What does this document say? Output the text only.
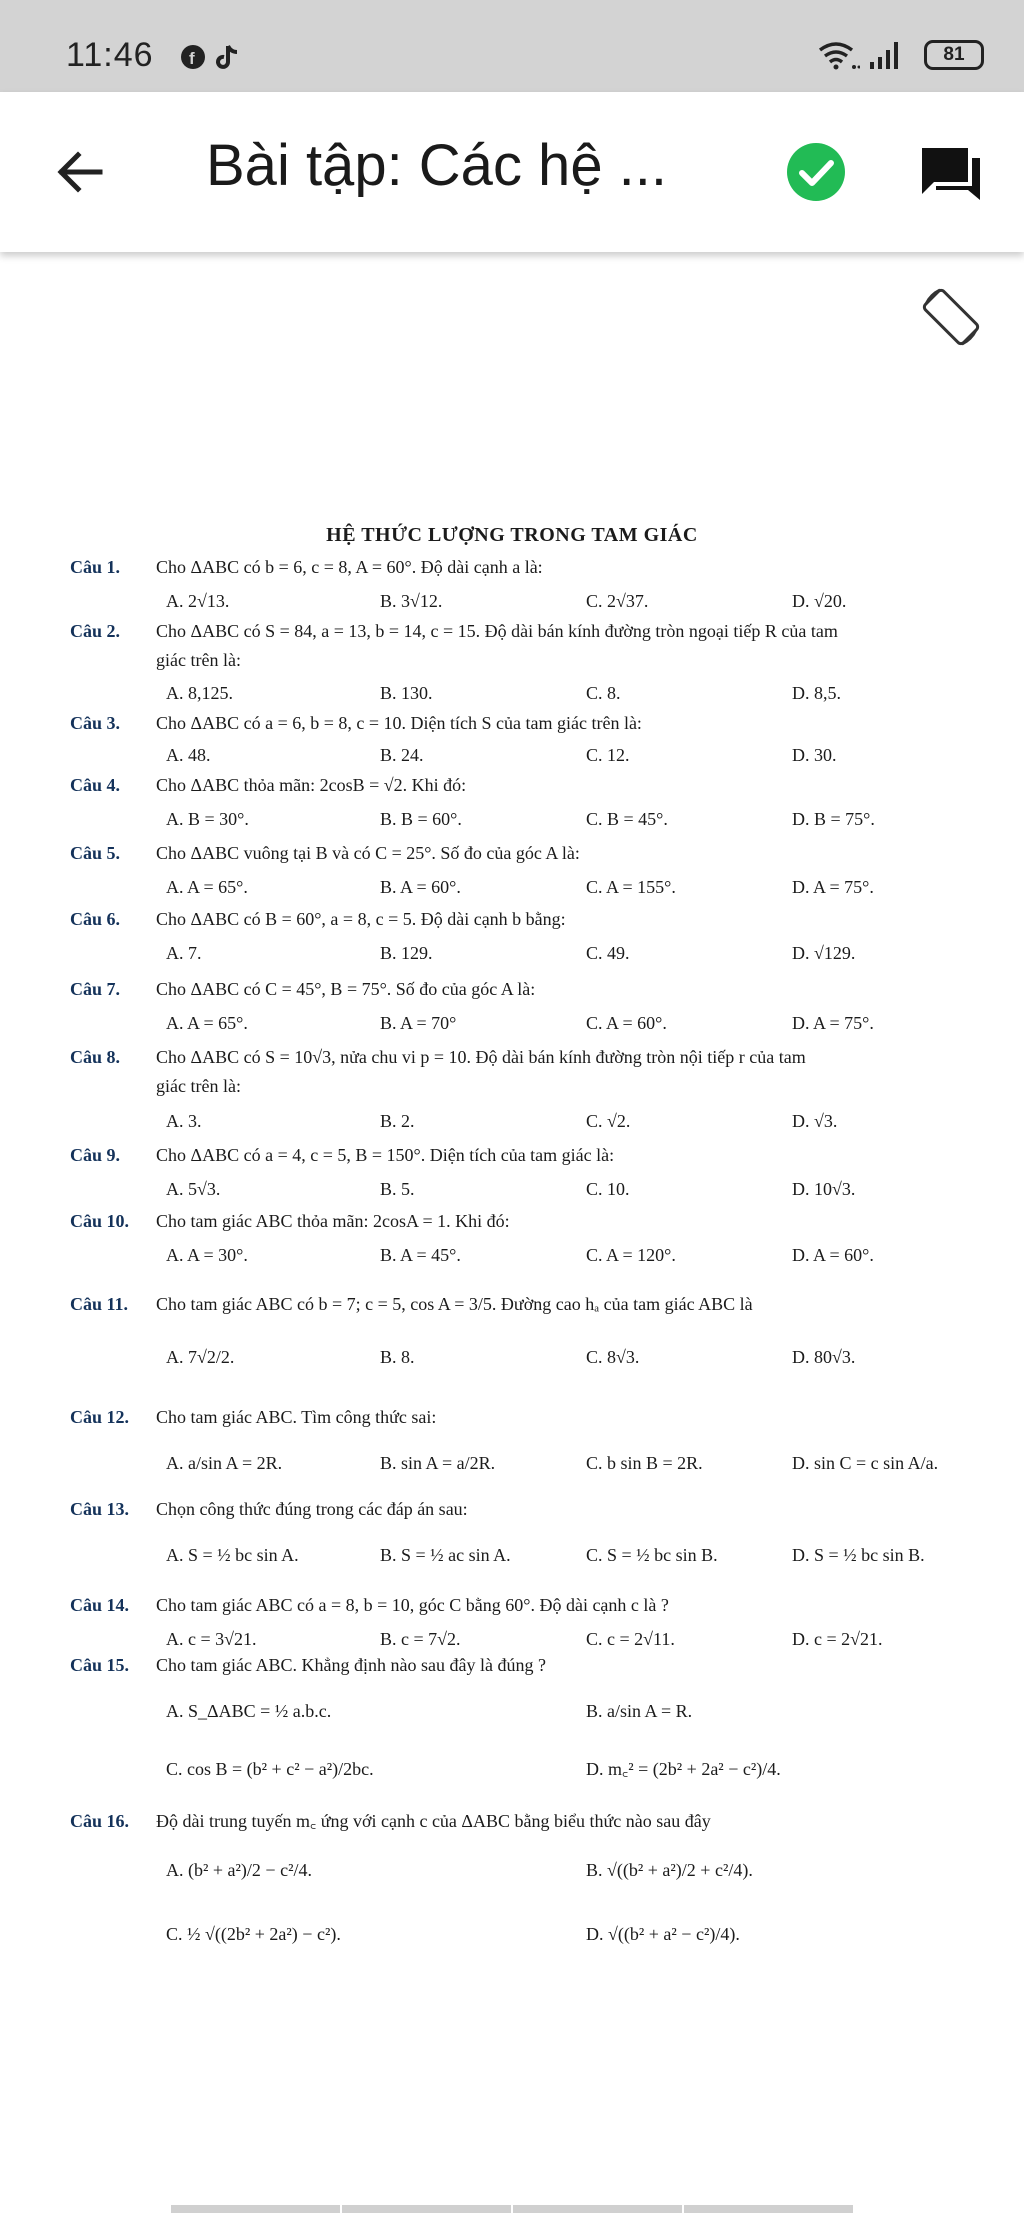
11:46 f	81
Bài tập: Các hệ ...
HỆ THỨC LƯỢNG TRONG TAM GIÁC
Câu 1. Cho ΔABC có b = 6, c = 8, A = 60°. Độ dài cạnh a là:
A. 2√13.	B. 3√12.	C. 2√37.	D. √20.
Câu 2. Cho ΔABC có S = 84, a = 13, b = 14, c = 15. Độ dài bán kính đường tròn ngoại tiếp R của tam
giác trên là:
A. 8,125.	B. 130.	C. 8.	D. 8,5.
Câu 3. Cho ΔABC có a = 6, b = 8, c = 10. Diện tích S của tam giác trên là:
A. 48.	B. 24.	C. 12.	D. 30.
Câu 4. Cho ΔABC thỏa mãn: 2cosB = √2. Khi đó:
A. B = 30°.	B. B = 60°.	C. B = 45°.	D. B = 75°.
Câu 5. Cho ΔABC vuông tại B và có C = 25°. Số đo của góc A là:
A. A = 65°.	B. A = 60°.	C. A = 155°.	D. A = 75°.
Câu 6. Cho ΔABC có B = 60°, a = 8, c = 5. Độ dài cạnh b bằng:
A. 7.	B. 129.	C. 49.	D. √129.
Câu 7. Cho ΔABC có C = 45°, B = 75°. Số đo của góc A là:
A. A = 65°.	B. A = 70°	C. A = 60°.	D. A = 75°.
Câu 8. Cho ΔABC có S = 10√3, nửa chu vi p = 10. Độ dài bán kính đường tròn nội tiếp r của tam
giác trên là:
A. 3.	B. 2.	C. √2.	D. √3.
Câu 9. Cho ΔABC có a = 4, c = 5, B = 150°. Diện tích của tam giác là:
A. 5√3.	B. 5.	C. 10.	D. 10√3.
Câu 10. Cho tam giác ABC thỏa mãn: 2cosA = 1. Khi đó:
A. A = 30°.	B. A = 45°.	C. A = 120°.	D. A = 60°.
Câu 11. Cho tam giác ABC có b = 7; c = 5, cos A = 3/5. Đường cao hₐ của tam giác ABC là
A. 7√2/2.	B. 8.	C. 8√3.	D. 80√3.
Câu 12. Cho tam giác ABC. Tìm công thức sai:
A. a/sin A = 2R.	B. sin A = a/2R.	C. b sin B = 2R.	D. sin C = c sin A/a.
Câu 13. Chọn công thức đúng trong các đáp án sau:
A. S = ½ bc sin A.	B. S = ½ ac sin A.	C. S = ½ bc sin B.	D. S = ½ bc sin B.
Câu 14. Cho tam giác ABC có a = 8, b = 10, góc C bằng 60°. Độ dài cạnh c là ?
A. c = 3√21.	B. c = 7√2.	C. c = 2√11.	D. c = 2√21.
Câu 15. Cho tam giác ABC. Khẳng định nào sau đây là đúng ?
A. S_ΔABC = ½ a.b.c.	B. a/sin A = R.
C. cos B = (b² + c² − a²)/2bc.	D. m꜀² = (2b² + 2a² − c²)/4.
Câu 16. Độ dài trung tuyến m꜀ ứng với cạnh c của ΔABC bằng biểu thức nào sau đây
A. (b² + a²)/2 − c²/4.	B. √((b² + a²)/2 + c²/4).
C. ½ √((2b² + 2a²) − c²).	D. √((b² + a² − c²)/4).
